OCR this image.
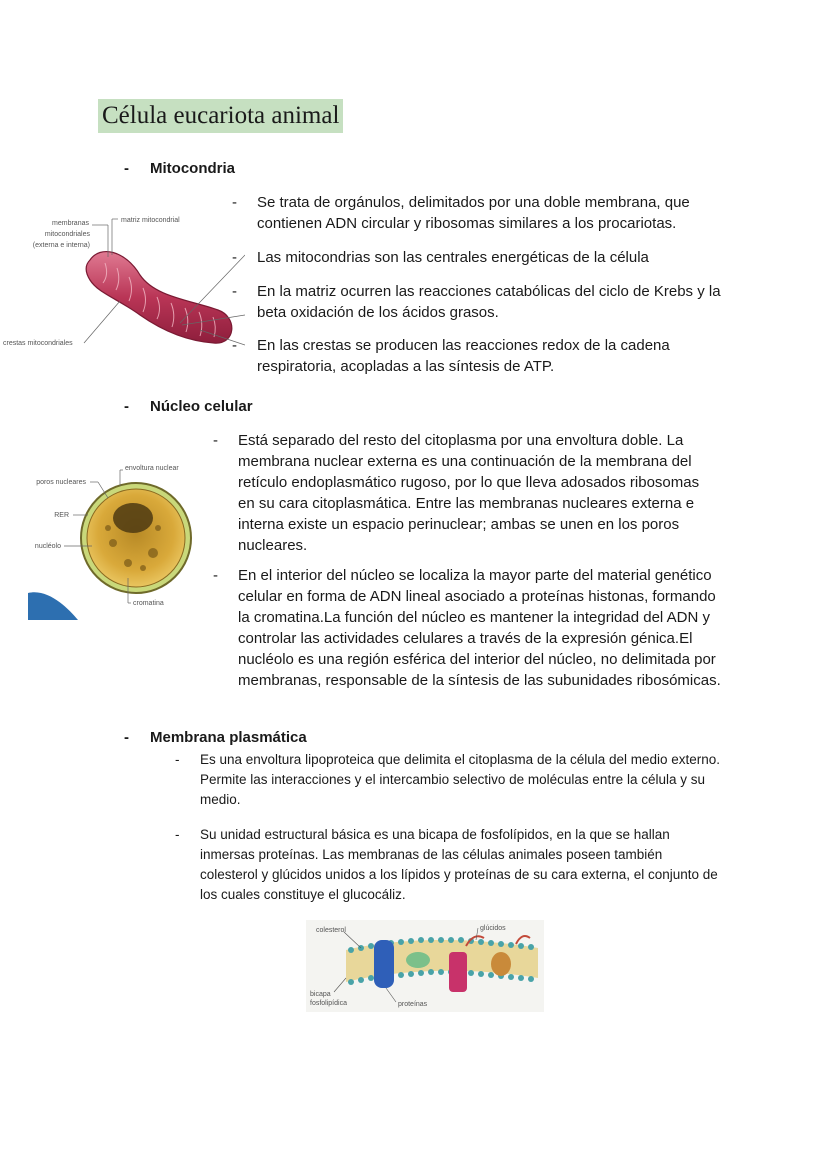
Célula eucariota animal
- Mitocondria
membranas
mitocondriales
(externa e interna)
matriz mitocondrial
crestas mitocondriales
- Se trata de orgánulos, delimitados por una doble membrana, que contienen ADN circular y ribosomas similares a los procariotas.
- Las mitocondrias son las centrales energéticas de la célula
- En la matriz ocurren las reacciones catabólicas del ciclo de Krebs y la beta oxidación de los ácidos grasos.
- En las crestas se producen las reacciones redox de la cadena respiratoria, acopladas a las síntesis de ATP.
- Núcleo celular
poros nucleares
envoltura nuclear
RER
nucléolo
cromatina
- Está separado del resto del citoplasma por una envoltura doble. La membrana nuclear externa es una continuación de la membrana del retículo endoplasmático rugoso, por lo que lleva adosados ribosomas en su cara citoplasmática. Entre las membranas nucleares externa e interna existe un espacio perinuclear; ambas se unen en los poros nucleares.
- En el interior del núcleo se localiza la mayor parte del material genético celular en forma de ADN lineal asociado a proteínas histonas, formando la cromatina.La función del núcleo es mantener la integridad del ADN y controlar las actividades celulares a través de la expresión génica.El nucléolo es una región esférica del interior del núcleo, no delimitada por membranas, responsable de la síntesis de las subunidades ribosómicas.
- Membrana plasmática
- Es una envoltura lipoproteica que delimita el citoplasma de la célula del medio externo. Permite las interacciones y el intercambio selectivo de moléculas entre la célula y su medio.
- Su unidad estructural básica es una bicapa de fosfolípidos, en la que se hallan inmersas proteínas. Las membranas de las células animales poseen también colesterol y glúcidos unidos a los lípidos y proteínas de su cara externa, el conjunto de los cuales constituye el glucocáliz.
colesterol	glúcidos
bicapa
fosfolipídica	proteínas
